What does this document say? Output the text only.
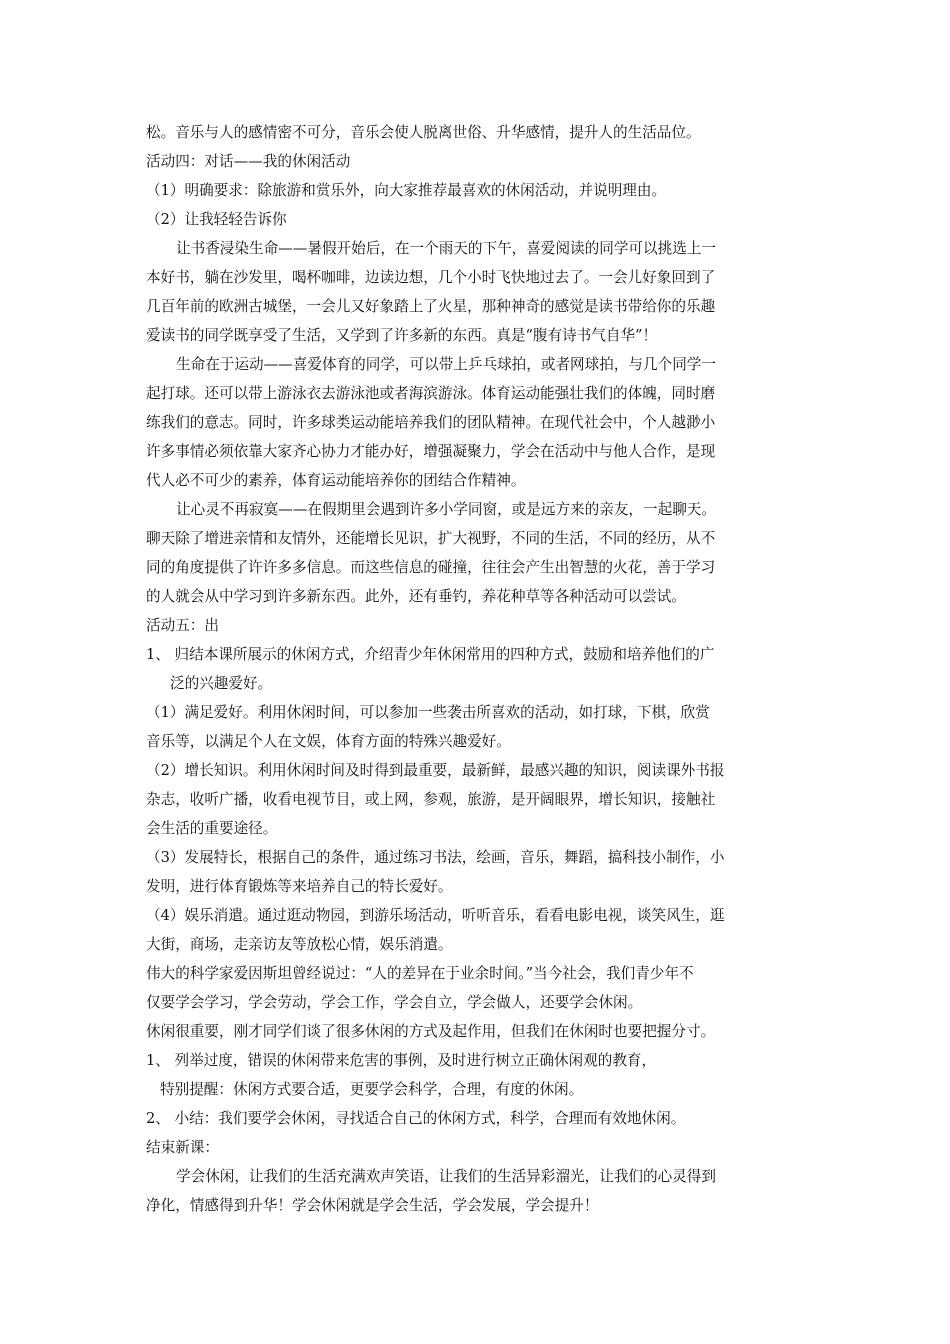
松。音乐与人的感情密不可分，音乐会使人脱离世俗、升华感情，提升人的生活品位。
活动四：对话——我的休闲活动
（1）明确要求：除旅游和赏乐外，向大家推荐最喜欢的休闲活动，并说明理由。
（2）让我轻轻告诉你
让书香浸染生命——暑假开始后，在一个雨天的下午，喜爱阅读的同学可以挑选上一
本好书，躺在沙发里，喝杯咖啡，边读边想，几个小时飞快地过去了。一会儿好象回到了
几百年前的欧洲古城堡，一会儿又好象踏上了火星，那种神奇的感觉是读书带给你的乐趣
爱读书的同学既享受了生活，又学到了许多新的东西。真是“腹有诗书气自华”！
生命在于运动——喜爱体育的同学，可以带上乒乓球拍，或者网球拍，与几个同学一
起打球。还可以带上游泳衣去游泳池或者海滨游泳。体育运动能强壮我们的体魄，同时磨
练我们的意志。同时，许多球类运动能培养我们的团队精神。在现代社会中，个人越渺小
许多事情必须依靠大家齐心协力才能办好，增强凝聚力，学会在活动中与他人合作，是现
代人必不可少的素养，体育运动能培养你的团结合作精神。
让心灵不再寂寞——在假期里会遇到许多小学同窗，或是远方来的亲友，一起聊天。
聊天除了增进亲情和友情外，还能增长见识，扩大视野，不同的生活，不同的经历，从不
同的角度提供了许许多多信息。而这些信息的碰撞，往往会产生出智慧的火花，善于学习
的人就会从中学习到许多新东西。此外，还有垂钓，养花种草等各种活动可以尝试。
活动五：出
1、 归结本课所展示的休闲方式，介绍青少年休闲常用的四种方式，鼓励和培养他们的广
泛的兴趣爱好。
（1）满足爱好。利用休闲时间，可以参加一些袭击所喜欢的活动，如打球，下棋，欣赏
音乐等，以满足个人在文娱，体育方面的特殊兴趣爱好。
（2）增长知识。利用休闲时间及时得到最重要，最新鲜，最感兴趣的知识，阅读课外书报
杂志，收听广播，收看电视节目，或上网，参观，旅游，是开阔眼界，增长知识，接触社
会生活的重要途径。
（3）发展特长，根据自己的条件，通过练习书法，绘画，音乐，舞蹈，搞科技小制作，小
发明，进行体育锻炼等来培养自己的特长爱好。
（4）娱乐消遣。通过逛动物园，到游乐场活动，听听音乐，看看电影电视，谈笑风生，逛
大街，商场，走亲访友等放松心情，娱乐消遣。
伟大的科学家爱因斯坦曾经说过：“人的差异在于业余时间。”当今社会，我们青少年不
仅要学会学习，学会劳动，学会工作，学会自立，学会做人，还要学会休闲。
休闲很重要，刚才同学们谈了很多休闲的方式及起作用，但我们在休闲时也要把握分寸。
1、 列举过度，错误的休闲带来危害的事例，及时进行树立正确休闲观的教育，
特别提醒：休闲方式要合适，更要学会科学，合理，有度的休闲。
2、 小结：我们要学会休闲，寻找适合自己的休闲方式，科学，合理而有效地休闲。
结束新课：
学会休闲，让我们的生活充满欢声笑语，让我们的生活异彩溜光，让我们的心灵得到
净化，情感得到升华！学会休闲就是学会生活，学会发展，学会提升！
